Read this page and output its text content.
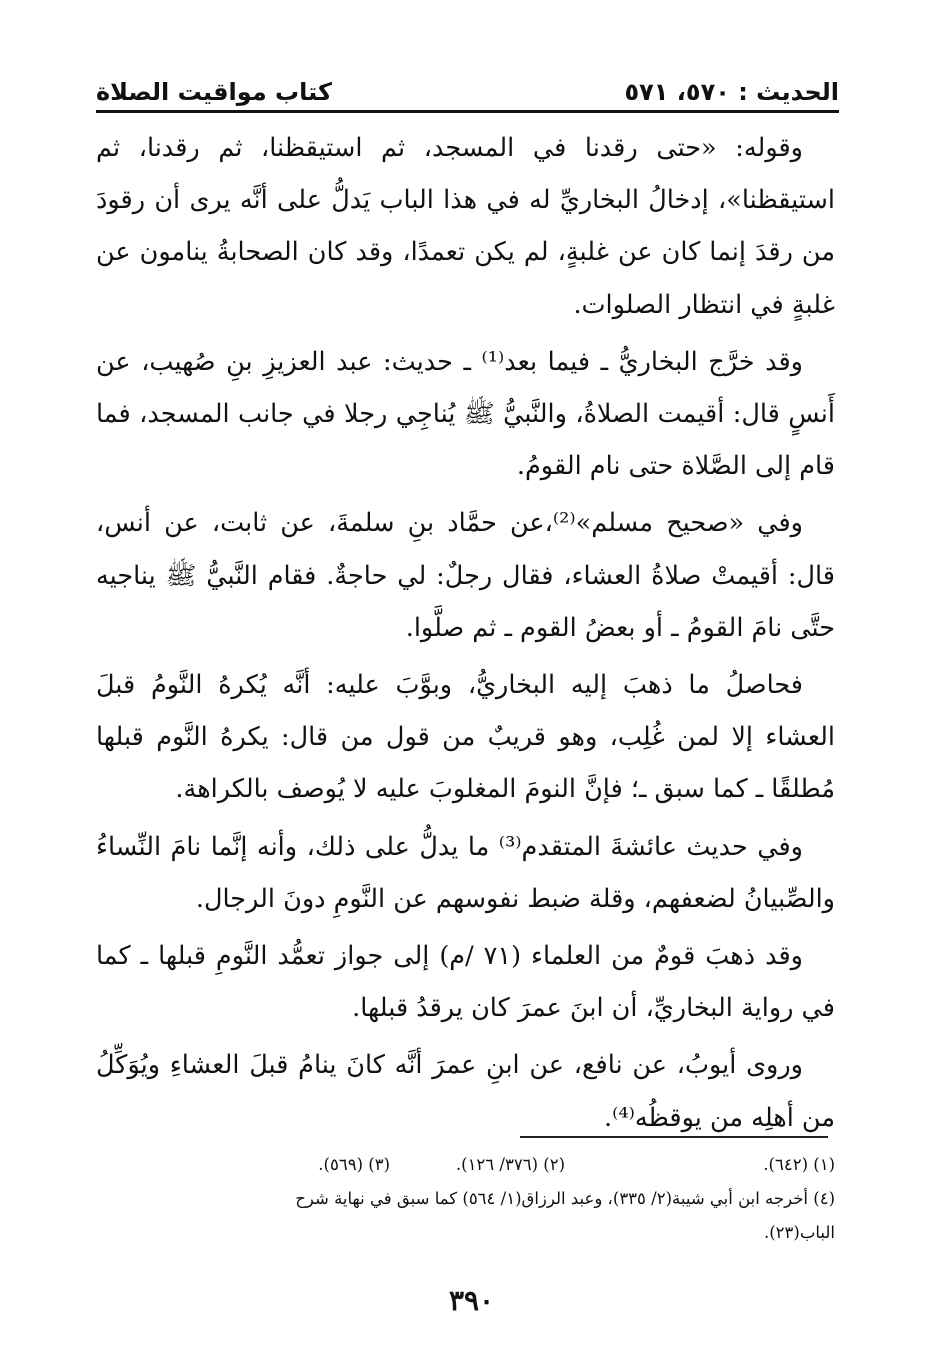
الحديث : ٥٧٠، ٥٧١
كتاب مواقيت الصلاة

وقوله: «حتى رقدنا في المسجد، ثم استيقظنا، ثم رقدنا، ثم استيقظنا»، إدخالُ البخاريِّ له في هذا الباب يَدلُّ على أنَّه يرى أن رقودَ من رقدَ إنما كان عن غلبةٍ، لم يكن تعمدًا، وقد كان الصحابةُ ينامون عن غلبةٍ في انتظار الصلوات.

وقد خرَّج البخاريُّ ـ فيما بعد⁽¹⁾ ـ حديث: عبد العزيزِ بنِ صُهيب، عن أَنسٍ قال: أقيمت الصلاةُ، والنَّبيُّ ﷺ يُناجِي رجلا في جانب المسجد، فما قام إلى الصَّلاة حتى نام القومُ.

وفي «صحيح مسلم»⁽²⁾،عن حمَّاد بنِ سلمةَ، عن ثابت، عن أنس، قال: أقيمتْ صلاةُ العشاء، فقال رجلٌ: لي حاجةٌ. فقام النَّبيُّ ﷺ يناجيه حتَّى نامَ القومُ ـ أو بعضُ القوم ـ ثم صلَّوا.

فحاصلُ ما ذهبَ إليه البخاريُّ، وبوَّبَ عليه: أنَّه يُكرهُ النَّومُ قبلَ العشاء إلا لمن غُلِب، وهو قريبٌ من قول من قال: يكرهُ النَّوم قبلها مُطلقًا ـ كما سبق ـ؛ فإنَّ النومَ المغلوبَ عليه لا يُوصف بالكراهة.

وفي حديث عائشةَ المتقدم⁽³⁾ ما يدلُّ على ذلك، وأنه إنَّما نامَ النِّساءُ والصِّبيانُ لضعفهم، وقلة ضبط نفوسهم عن النَّومِ دونَ الرجال.

وقد ذهبَ قومٌ من العلماء (٧١ /م) إلى جواز تعمُّد النَّومِ قبلها ـ كما في رواية البخاريِّ، أن ابنَ عمرَ كان يرقدُ قبلها.

وروى أيوبُ، عن نافع، عن ابنِ عمرَ أنَّه كانَ ينامُ قبلَ العشاءِ ويُوَكِّلُ من أهلِه من يوقظُه⁽⁴⁾.

(١) (٦٤٢).
(٢) (٣٧٦/ ١٢٦).
(٣) (٥٦٩).
(٤) أخرجه ابن أبي شيبة(٢/ ٣٣٥)، وعبد الرزاق(١/ ٥٦٤) كما سبق في نهاية شرح
الباب(٢٣).
٣٩٠
